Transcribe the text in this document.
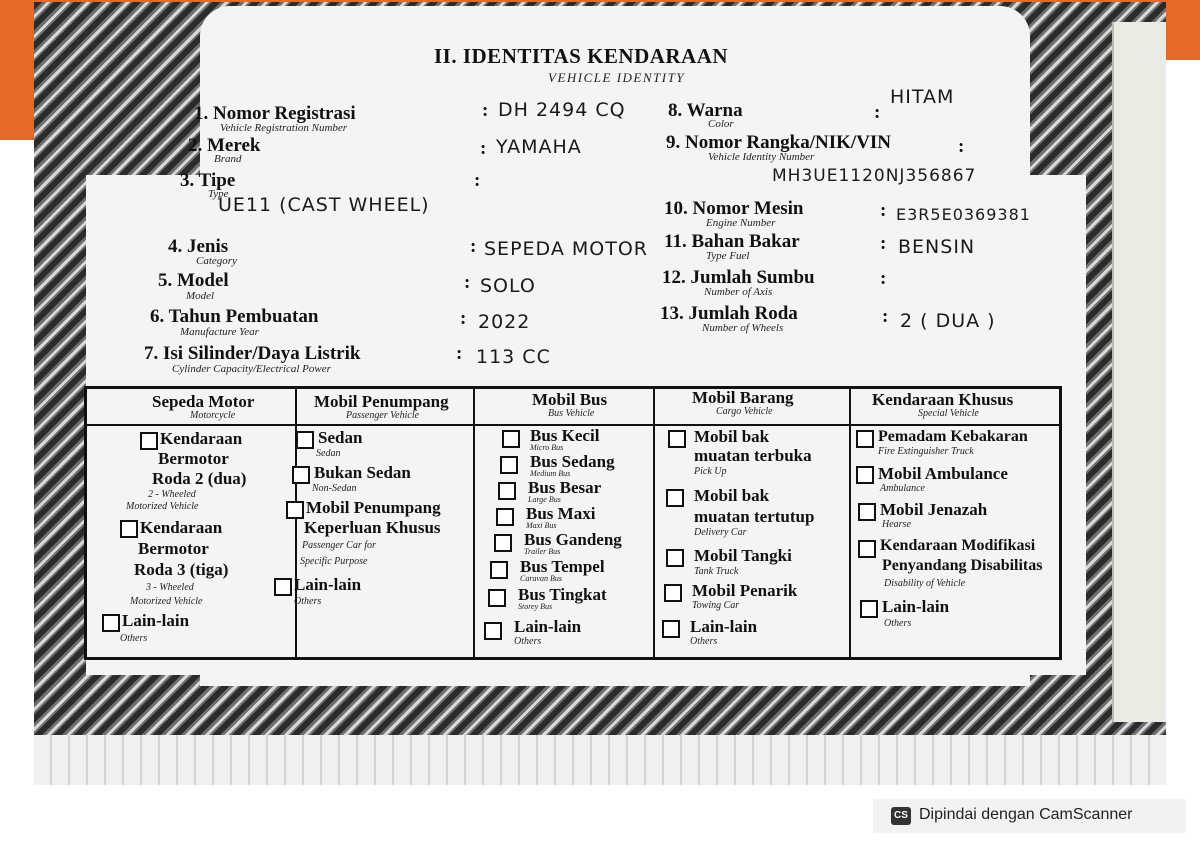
II. IDENTITAS KENDARAAN
VEHICLE IDENTITY
1. Nomor Registrasi
Vehicle Registration Number
: DH 2494 CQ
2. Merek
Brand	: YAMAHA
3. Tipe
Type
:
UE11 (CAST WHEEL)
4. Jenis
Category
: SEPEDA MOTOR
5. Model
Model
: SOLO
6. Tahun Pembuatan
Manufacture Year
: 2022
7. Isi Silinder/Daya Listrik
Cylinder Capacity/Electrical Power
: 113 CC
8. Warna
Color
:
HITAM
9. Nomor Rangka/NIK/VIN
Vehicle Identity Number	:
MH3UE1120NJ356867
10. Nomor Mesin
Engine Number
: E3R5E0369381
11. Bahan Bakar
Type Fuel
: BENSIN
12. Jumlah Sumbu
Number of Axis
:
13. Jumlah Roda
Number of Wheels
: 2 ( DUA )
Sepeda Motor
Motorcycle
Mobil Penumpang
Passenger Vehicle
Mobil Bus
Bus Vehicle
Mobil Barang
Cargo Vehicle
Kendaraan Khusus
Special Vehicle
Kendaraan
Bermotor
Roda 2 (dua)
2 - Wheeled
Motorized Vehicle
Kendaraan
Bermotor
Roda 3 (tiga)
3 - Wheeled
Motorized Vehicle
Lain-lain
Others
Sedan
Sedan
Bukan Sedan
Non-Sedan
Mobil Penumpang
Keperluan Khusus
Passenger Car for
Specific Purpose
Lain-lain
Others
Bus Kecil
Micro Bus
Bus Sedang
Medium Bus
Bus Besar
Large Bus
Bus Maxi
Maxi Bus
Bus Gandeng
Trailer Bus
Bus Tempel
Caravan Bus
Bus Tingkat
Storey Bus
Lain-lain
Others
Mobil bak
muatan terbuka
Pick Up
Mobil bak
muatan tertutup
Delivery Car
Mobil Tangki
Tank Truck
Mobil Penarik
Towing Car
Lain-lain
Others
Pemadam Kebakaran
Fire Extinguisher Truck
Mobil Ambulance
Ambulance
Mobil Jenazah
Hearse
Kendaraan Modifikasi
Penyandang Disabilitas
Disability of Vehicle
Lain-lain
Others
CS Dipindai dengan CamScanner
